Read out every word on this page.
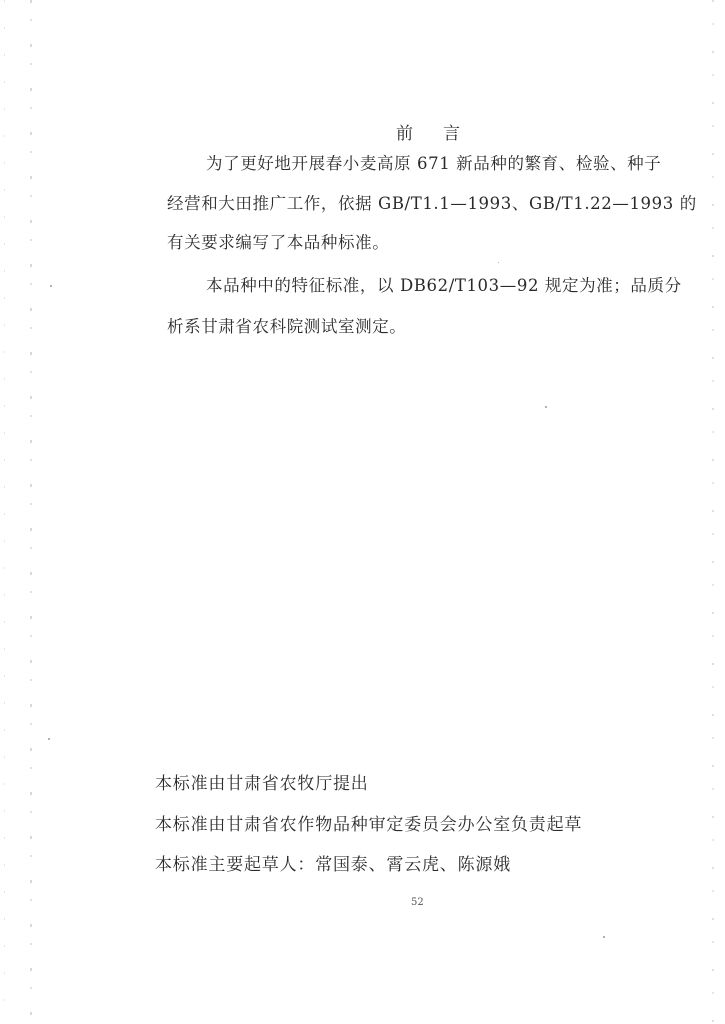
前言
为了更好地开展春小麦高原 671 新品种的繁育、检验、种子
经营和大田推广工作，依据 GB/T1.1—1993、GB/T1.22—1993 的
有关要求编写了本品种标准。
本品种中的特征标准，以 DB62/T103—92 规定为准；品质分
析系甘肃省农科院测试室测定。
本标准由甘肃省农牧厅提出
本标准由甘肃省农作物品种审定委员会办公室负责起草
本标准主要起草人：常国泰、霄云虎、陈源娥
52
